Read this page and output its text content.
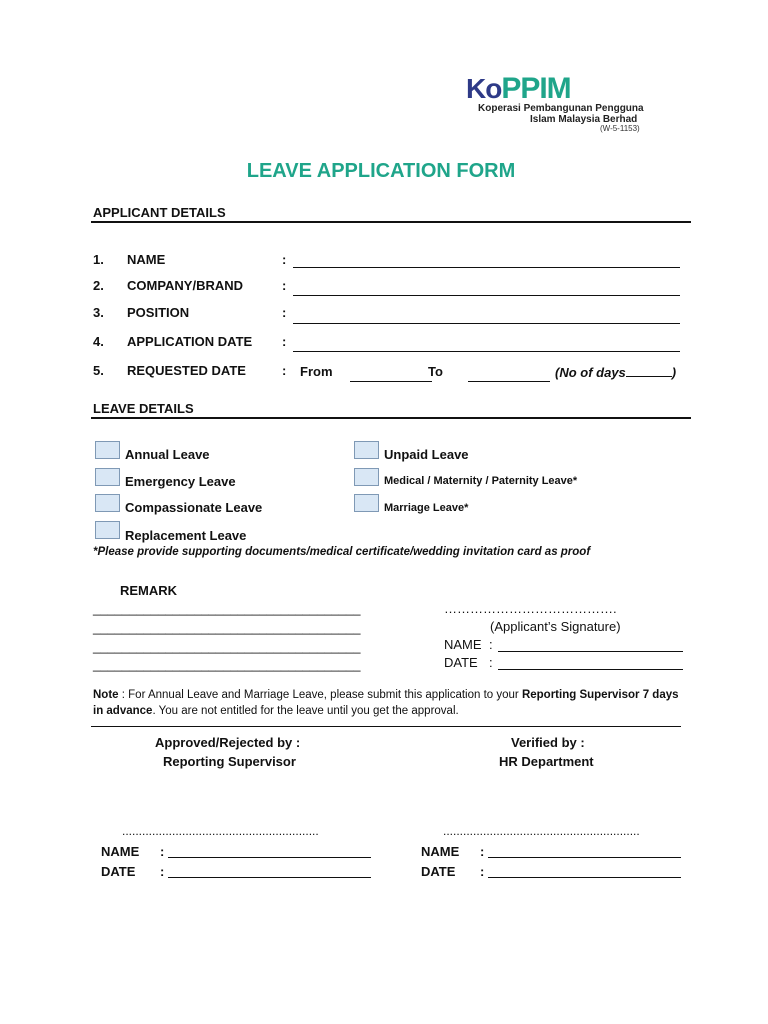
KoPPIM
Koperasi Pembangunan Pengguna
Islam Malaysia Berhad
(W-5-1153)
LEAVE APPLICATION FORM
APPLICANT DETAILS
1. NAME	:
2. COMPANY/BRAND	:
3. POSITION	:
4. APPLICATION DATE :
5. REQUESTED DATE	: From	To	(No of days	)
LEAVE DETAILS
Annual Leave
Emergency Leave
Compassionate Leave
Replacement Leave
Unpaid Leave
Medical / Maternity / Paternity Leave*
Marriage Leave*
*Please provide supporting documents/medical certificate/wedding invitation card as proof
REMARK
_____________________________________
_____________________________________
_____________________________________
_____________________________________
………………………………….
(Applicant’s Signature)
NAME :
DATE :
Note : For Annual Leave and Marriage Leave, please submit this application to your Reporting Supervisor 7 days
in advance. You are not entitled for the leave until you get the approval.
Approved/Rejected by :
Reporting Supervisor
Verified by :
HR Department
...........................................................
NAME :
DATE :
...........................................................
NAME :
DATE :
